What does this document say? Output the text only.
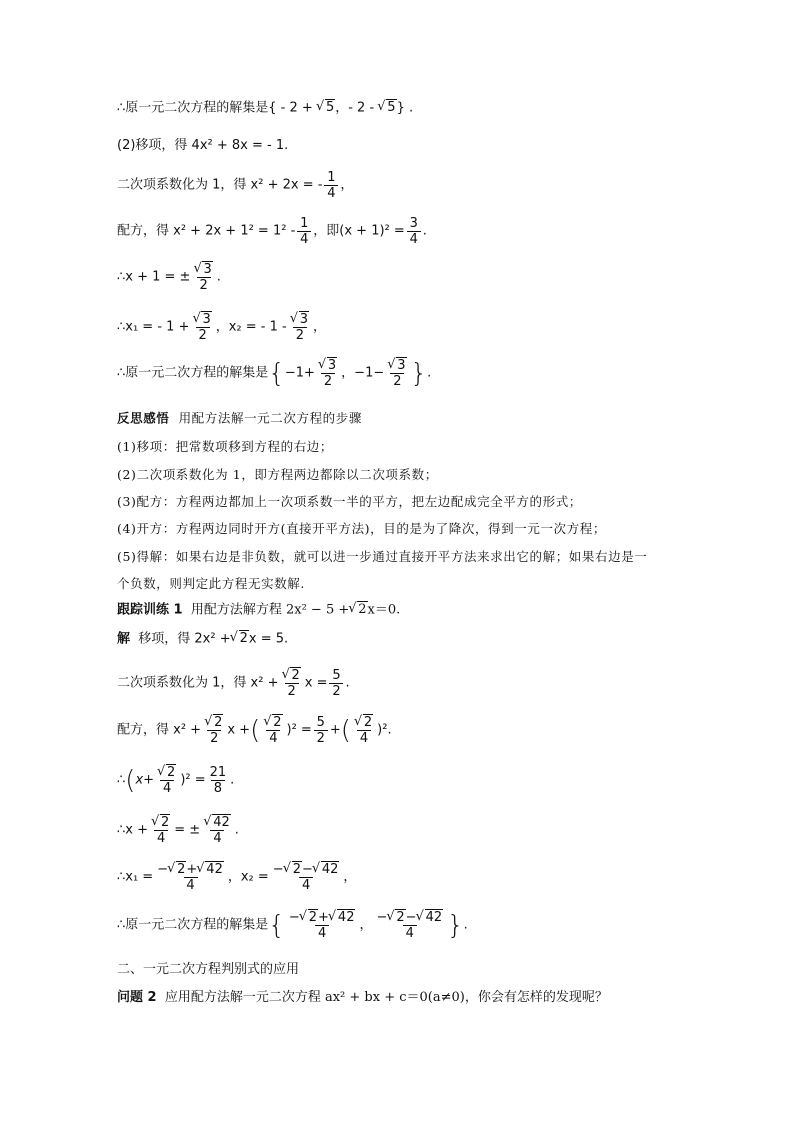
∴原一元二次方程的解集是{ - 2 + √ 5，- 2 - √ 5} .
(2)移项，得 4x² + 8x = - 1.
二次项系数化为 1，得 x² + 2x = - $\frac{1}{4}$ ，
配方，得 $x^2 + 2x + 1^2 = 1^2 - \frac{1}{4}$ ，即$(x + 1)^2 = \frac{3}{4}$ .
∴x + 1 = ± √ $\frac{3}{2}$ .
∴x₁ = - 1 + √ $\frac{3}{2}$ ，x₂ = - 1 - √ $\frac{3}{2}$ ，
∴原一元二次方程的解集是{−1+ √ $\frac{3}{2}$ ，−1− √ $\frac{3}{2}$ }.
反思感悟 用配方法解一元二次方程的步骤
(1)移项：把常数项移到方程的右边；
(2)二次项系数化为 1，即方程两边都除以二次项系数；
(3)配方：方程两边都加上一次项系数一半的平方，把左边配成完全平方的形式；
(4)开方：方程两边同时开方(直接开平方法)，目的是为了降次，得到一元一次方程；
(5)得解：如果右边是非负数，就可以进一步通过直接开平方法来求出它的解；如果右边是一
个负数，则判定此方程无实数解.
跟踪训练 1 用配方法解方程 2x² − 5 + √ 2x＝0.
解 移项，得 2x² + √ 2x = 5.
二次项系数化为 1，得 x² + √ $\frac{2}{2}$ $x = \frac{5}{2}$ .
配方，得 x² + √ $\frac{2}{2}$ x +( √ $\frac{2}{4} )^2 = \frac{5}{2}$ +( √ $\frac{2}{4} )^2$.
∴(x+ √ $\frac{2}{4} )^2 = \frac{21}{8}$ .
∴x + √ $\frac{2}{4}$ = ± √ $\frac{42}{4}$ .
∴x₁ = $\frac{- √ 2+ √ 42}{4}$ ，$x_2 = \frac{- √ 2- √ 42}{4}$ ，
∴原一元二次方程的解集是{ $\frac{- √ 2+ √ 42}{4}$ ， $\frac{- √ 2- √ 42}{4}$ }.
二、一元二次方程判别式的应用
问题 2 应用配方法解一元二次方程 ax² + bx + c＝0(a≠0)，你会有怎样的发现呢？
